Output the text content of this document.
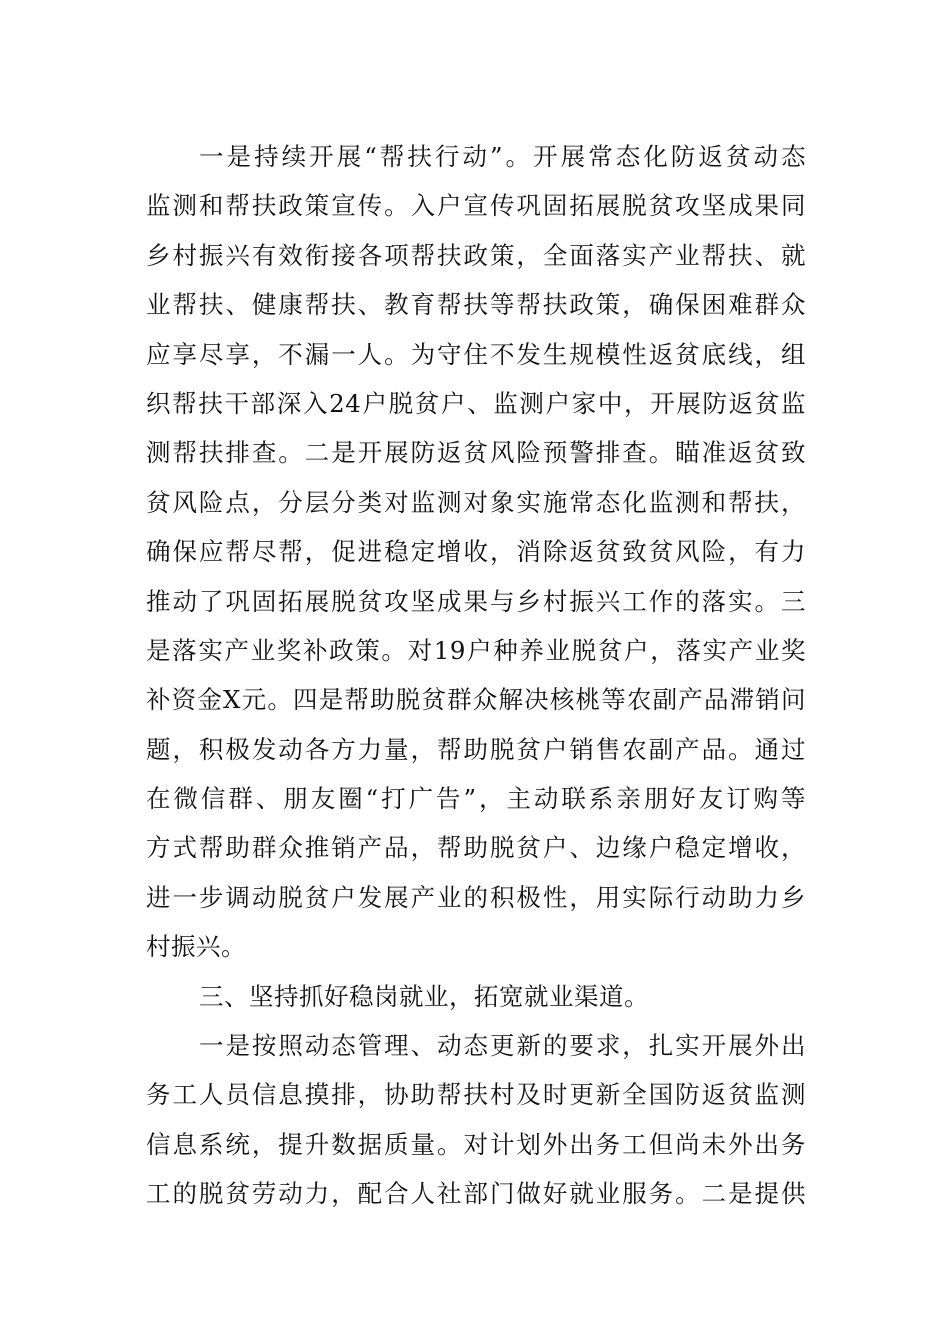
一是持续开展“帮扶行动”。开展常态化防返贫动态
监测和帮扶政策宣传。入户宣传巩固拓展脱贫攻坚成果同
乡村振兴有效衔接各项帮扶政策，全面落实产业帮扶、就
业帮扶、健康帮扶、教育帮扶等帮扶政策，确保困难群众
应享尽享，不漏一人。为守住不发生规模性返贫底线，组
织帮扶干部深入24户脱贫户、监测户家中，开展防返贫监
测帮扶排查。二是开展防返贫风险预警排查。瞄准返贫致
贫风险点，分层分类对监测对象实施常态化监测和帮扶，
确保应帮尽帮，促进稳定增收，消除返贫致贫风险，有力
推动了巩固拓展脱贫攻坚成果与乡村振兴工作的落实。三
是落实产业奖补政策。对19户种养业脱贫户，落实产业奖
补资金X元。四是帮助脱贫群众解决核桃等农副产品滞销问
题，积极发动各方力量，帮助脱贫户销售农副产品。通过
在微信群、朋友圈“打广告”，主动联系亲朋好友订购等
方式帮助群众推销产品，帮助脱贫户、边缘户稳定增收，
进一步调动脱贫户发展产业的积极性，用实际行动助力乡
村振兴。
三、坚持抓好稳岗就业，拓宽就业渠道。
一是按照动态管理、动态更新的要求，扎实开展外出
务工人员信息摸排，协助帮扶村及时更新全国防返贫监测
信息系统，提升数据质量。对计划外出务工但尚未外出务
工的脱贫劳动力，配合人社部门做好就业服务。二是提供
